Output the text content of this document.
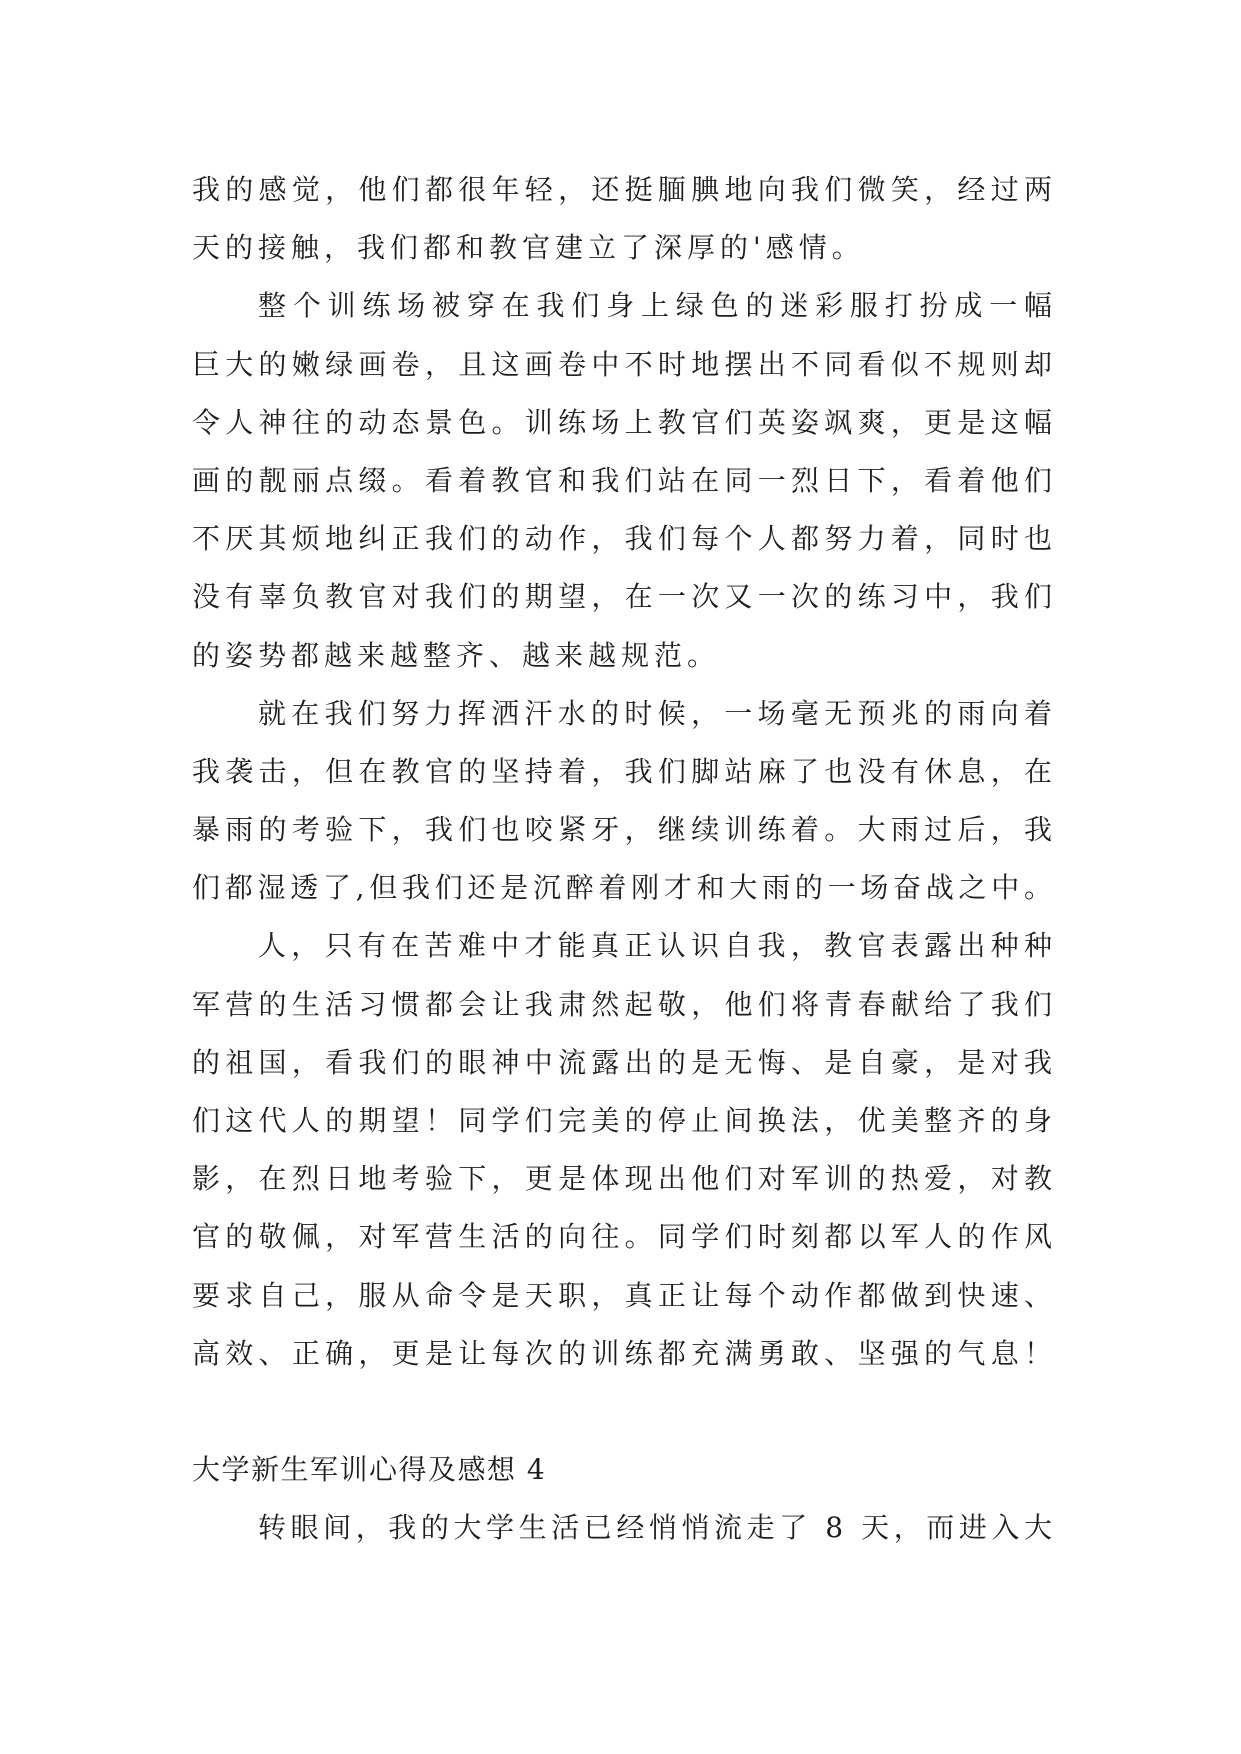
我的感觉，他们都很年轻，还挺腼腆地向我们微笑，经过两
天的接触，我们都和教官建立了深厚的'感情。
整个训练场被穿在我们身上绿色的迷彩服打扮成一幅
巨大的嫩绿画卷，且这画卷中不时地摆出不同看似不规则却
令人神往的动态景色。训练场上教官们英姿飒爽，更是这幅
画的靓丽点缀。看着教官和我们站在同一烈日下，看着他们
不厌其烦地纠正我们的动作，我们每个人都努力着，同时也
没有辜负教官对我们的期望，在一次又一次的练习中，我们
的姿势都越来越整齐、越来越规范。
就在我们努力挥洒汗水的时候，一场毫无预兆的雨向着
我袭击，但在教官的坚持着，我们脚站麻了也没有休息，在
暴雨的考验下，我们也咬紧牙，继续训练着。大雨过后，我
们都湿透了,但我们还是沉醉着刚才和大雨的一场奋战之中。
人，只有在苦难中才能真正认识自我，教官表露出种种
军营的生活习惯都会让我肃然起敬，他们将青春献给了我们
的祖国，看我们的眼神中流露出的是无悔、是自豪，是对我
们这代人的期望！同学们完美的停止间换法，优美整齐的身
影，在烈日地考验下，更是体现出他们对军训的热爱，对教
官的敬佩，对军营生活的向往。同学们时刻都以军人的作风
要求自己，服从命令是天职，真正让每个动作都做到快速、
高效、正确，更是让每次的训练都充满勇敢、坚强的气息！
大学新生军训心得及感想 4
转眼间，我的大学生活已经悄悄流走了 8 天，而进入大
